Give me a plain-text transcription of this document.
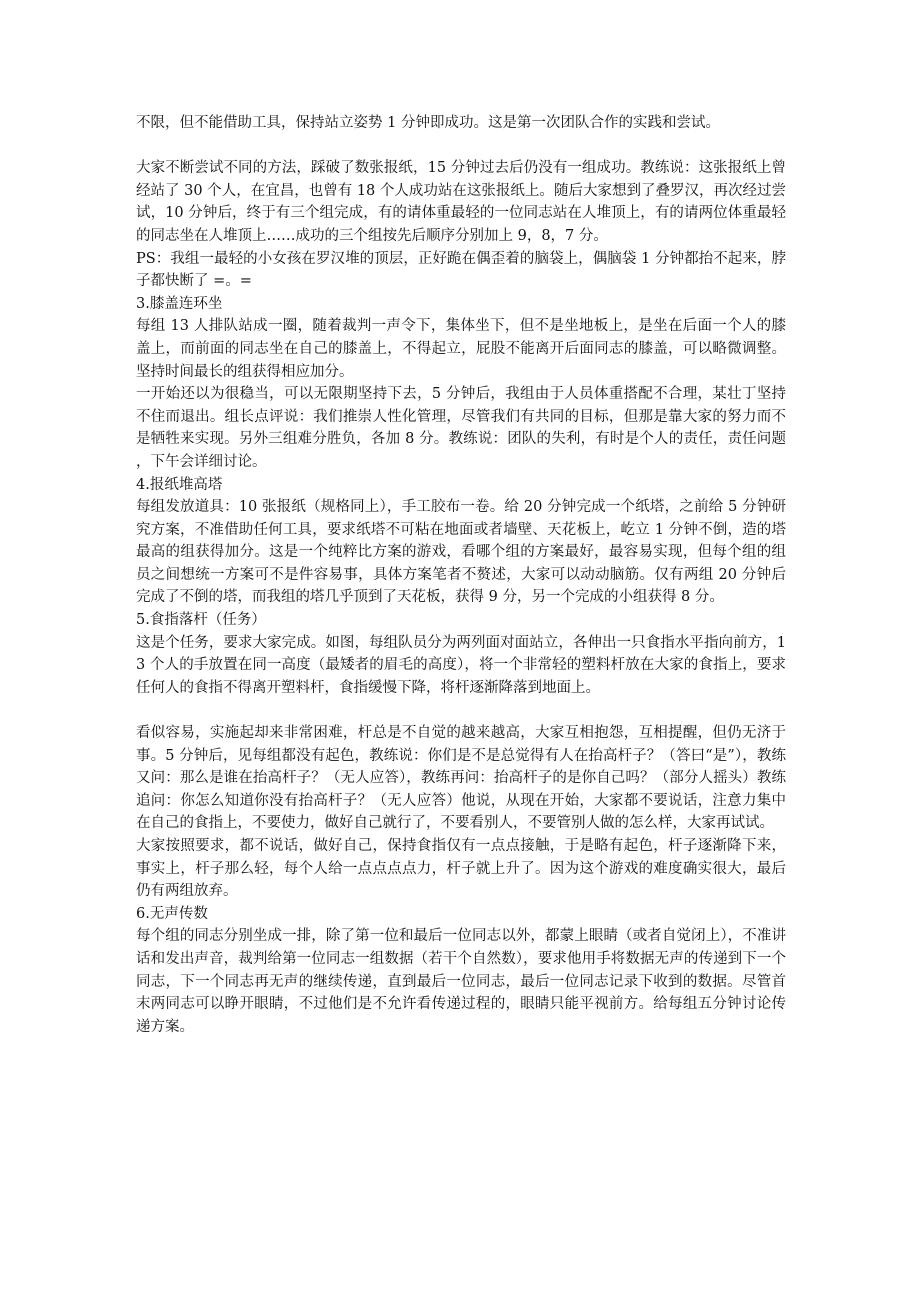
不限，但不能借助工具，保持站立姿势 1 分钟即成功。这是第一次团队合作的实践和尝试。

大家不断尝试不同的方法，踩破了数张报纸，15 分钟过去后仍没有一组成功。教练说：这张报纸上曾经站了 30 个人，在宜昌，也曾有 18 个人成功站在这张报纸上。随后大家想到了叠罗汉，再次经过尝试，10 分钟后，终于有三个组完成，有的请体重最轻的一位同志站在人堆顶上，有的请两位体重最轻的同志坐在人堆顶上……成功的三个组按先后顺序分别加上 9，8，7 分。

PS：我组一最轻的小女孩在罗汉堆的顶层，正好跪在偶歪着的脑袋上，偶脑袋 1 分钟都抬不起来，脖子都快断了 =。=

3.膝盖连环坐

每组 13 人排队站成一圈，随着裁判一声令下，集体坐下，但不是坐地板上，是坐在后面一个人的膝盖上，而前面的同志坐在自己的膝盖上，不得起立，屁股不能离开后面同志的膝盖，可以略微调整。坚持时间最长的组获得相应加分。

一开始还以为很稳当，可以无限期坚持下去，5 分钟后，我组由于人员体重搭配不合理，某壮丁坚持不住而退出。组长点评说：我们推崇人性化管理，尽管我们有共同的目标，但那是靠大家的努力而不是牺牲来实现。另外三组难分胜负，各加 8 分。教练说：团队的失利，有时是个人的责任，责任问题，下午会详细讨论。

4.报纸堆高塔

每组发放道具：10 张报纸（规格同上），手工胶布一卷。给 20 分钟完成一个纸塔，之前给 5 分钟研究方案，不准借助任何工具，要求纸塔不可粘在地面或者墙壁、天花板上，屹立 1 分钟不倒，造的塔最高的组获得加分。这是一个纯粹比方案的游戏，看哪个组的方案最好，最容易实现，但每个组的组员之间想统一方案可不是件容易事，具体方案笔者不赘述，大家可以动动脑筋。仅有两组 20 分钟后完成了不倒的塔，而我组的塔几乎顶到了天花板，获得 9 分，另一个完成的小组获得 8 分。

5.食指落杆（任务）

这是个任务，要求大家完成。如图，每组队员分为两列面对面站立，各伸出一只食指水平指向前方，13 个人的手放置在同一高度（最矮者的眉毛的高度），将一个非常轻的塑料杆放在大家的食指上，要求任何人的食指不得离开塑料杆，食指缓慢下降，将杆逐渐降落到地面上。

看似容易，实施起却来非常困难，杆总是不自觉的越来越高，大家互相抱怨，互相提醒，但仍无济于事。5 分钟后，见每组都没有起色，教练说：你们是不是总觉得有人在抬高杆子？（答曰“是”），教练又问：那么是谁在抬高杆子？（无人应答），教练再问：抬高杆子的是你自己吗？（部分人摇头）教练追问：你怎么知道你没有抬高杆子？（无人应答）他说，从现在开始，大家都不要说话，注意力集中在自己的食指上，不要使力，做好自己就行了，不要看别人，不要管别人做的怎么样，大家再试试。

大家按照要求，都不说话，做好自己，保持食指仅有一点点接触，于是略有起色，杆子逐渐降下来，事实上，杆子那么轻，每个人给一点点点点力，杆子就上升了。因为这个游戏的难度确实很大，最后仍有两组放弃。

6.无声传数

每个组的同志分别坐成一排，除了第一位和最后一位同志以外，都蒙上眼睛（或者自觉闭上），不准讲话和发出声音，裁判给第一位同志一组数据（若干个自然数），要求他用手将数据无声的传递到下一个同志，下一个同志再无声的继续传递，直到最后一位同志，最后一位同志记录下收到的数据。尽管首末两同志可以睁开眼睛，不过他们是不允许看传递过程的，眼睛只能平视前方。给每组五分钟讨论传递方案。
